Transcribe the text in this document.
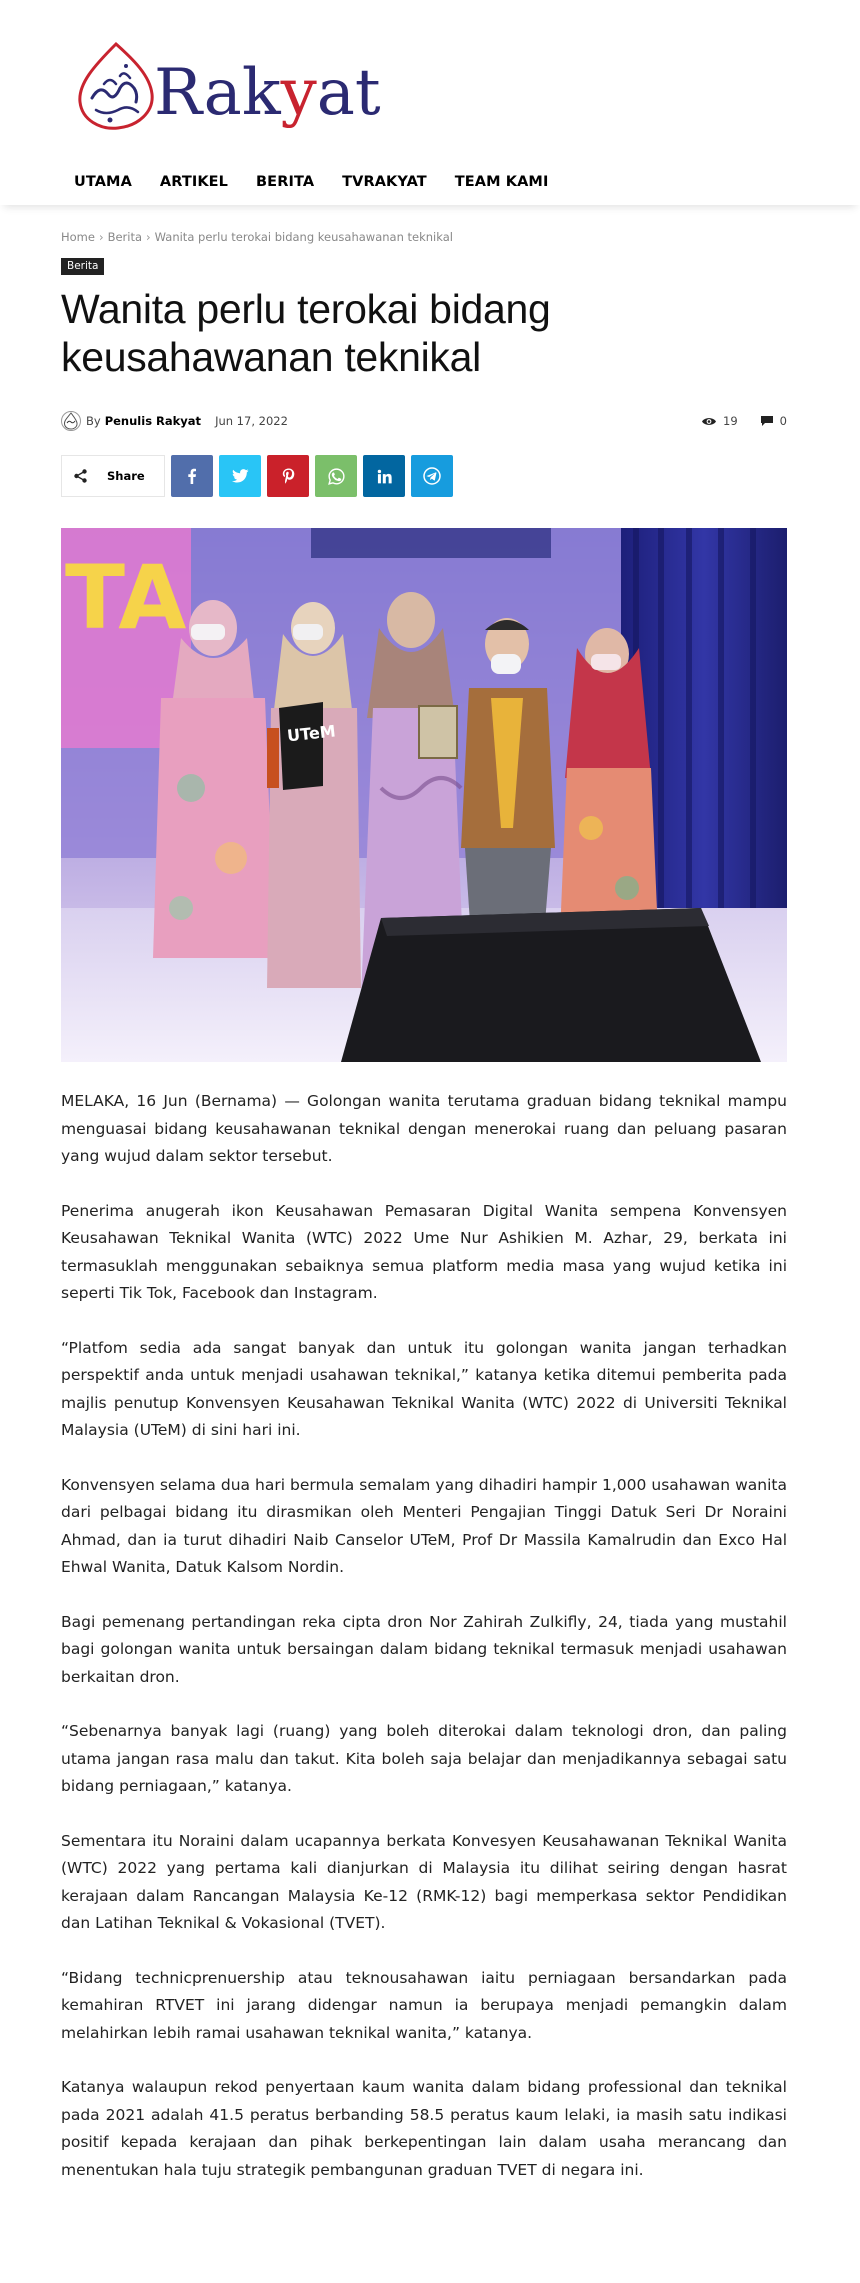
Rakyat
UTAMA	ARTIKEL	BERITA	TVRAKYAT	TEAM KAMI
Home › Berita › Wanita perlu terokai bidang keusahawanan teknikal
Berita
Wanita perlu terokai bidang keusahawanan teknikal
By Penulis Rakyat Jun 17, 2022	19	0
Share
TA
UTeM

MELAKA, 16 Jun (Bernama) — Golongan wanita terutama graduan bidang teknikal mampu menguasai bidang keusahawanan teknikal dengan menerokai ruang dan peluang pasaran yang wujud dalam sektor tersebut.

Penerima anugerah ikon Keusahawan Pemasaran Digital Wanita sempena Konvensyen Keusahawan Teknikal Wanita (WTC) 2022 Ume Nur Ashikien M. Azhar, 29, berkata ini termasuklah menggunakan sebaiknya semua platform media masa yang wujud ketika ini seperti Tik Tok, Facebook dan Instagram.

“Platfom sedia ada sangat banyak dan untuk itu golongan wanita jangan terhadkan perspektif anda untuk menjadi usahawan teknikal,” katanya ketika ditemui pemberita pada majlis penutup Konvensyen Keusahawan Teknikal Wanita (WTC) 2022 di Universiti Teknikal Malaysia (UTeM) di sini hari ini.

Konvensyen selama dua hari bermula semalam yang dihadiri hampir 1,000 usahawan wanita dari pelbagai bidang itu dirasmikan oleh Menteri Pengajian Tinggi Datuk Seri Dr Noraini Ahmad, dan ia turut dihadiri Naib Canselor UTeM, Prof Dr Massila Kamalrudin dan Exco Hal Ehwal Wanita, Datuk Kalsom Nordin.

Bagi pemenang pertandingan reka cipta dron Nor Zahirah Zulkifly, 24, tiada yang mustahil bagi golongan wanita untuk bersaingan dalam bidang teknikal termasuk menjadi usahawan berkaitan dron.

“Sebenarnya banyak lagi (ruang) yang boleh diterokai dalam teknologi dron, dan paling utama jangan rasa malu dan takut. Kita boleh saja belajar dan menjadikannya sebagai satu bidang perniagaan,” katanya.

Sementara itu Noraini dalam ucapannya berkata Konvesyen Keusahawanan Teknikal Wanita (WTC) 2022 yang pertama kali dianjurkan di Malaysia itu dilihat seiring dengan hasrat kerajaan dalam Rancangan Malaysia Ke-12 (RMK-12) bagi memperkasa sektor Pendidikan dan Latihan Teknikal & Vokasional (TVET).

“Bidang technicprenuership atau teknousahawan iaitu perniagaan bersandarkan pada kemahiran RTVET ini jarang didengar namun ia berupaya menjadi pemangkin dalam melahirkan lebih ramai usahawan teknikal wanita,” katanya.

Katanya walaupun rekod penyertaan kaum wanita dalam bidang professional dan teknikal pada 2021 adalah 41.5 peratus berbanding 58.5 peratus kaum lelaki, ia masih satu indikasi positif kepada kerajaan dan pihak berkepentingan lain dalam usaha merancang dan menentukan hala tuju strategik pembangunan graduan TVET di negara ini.
